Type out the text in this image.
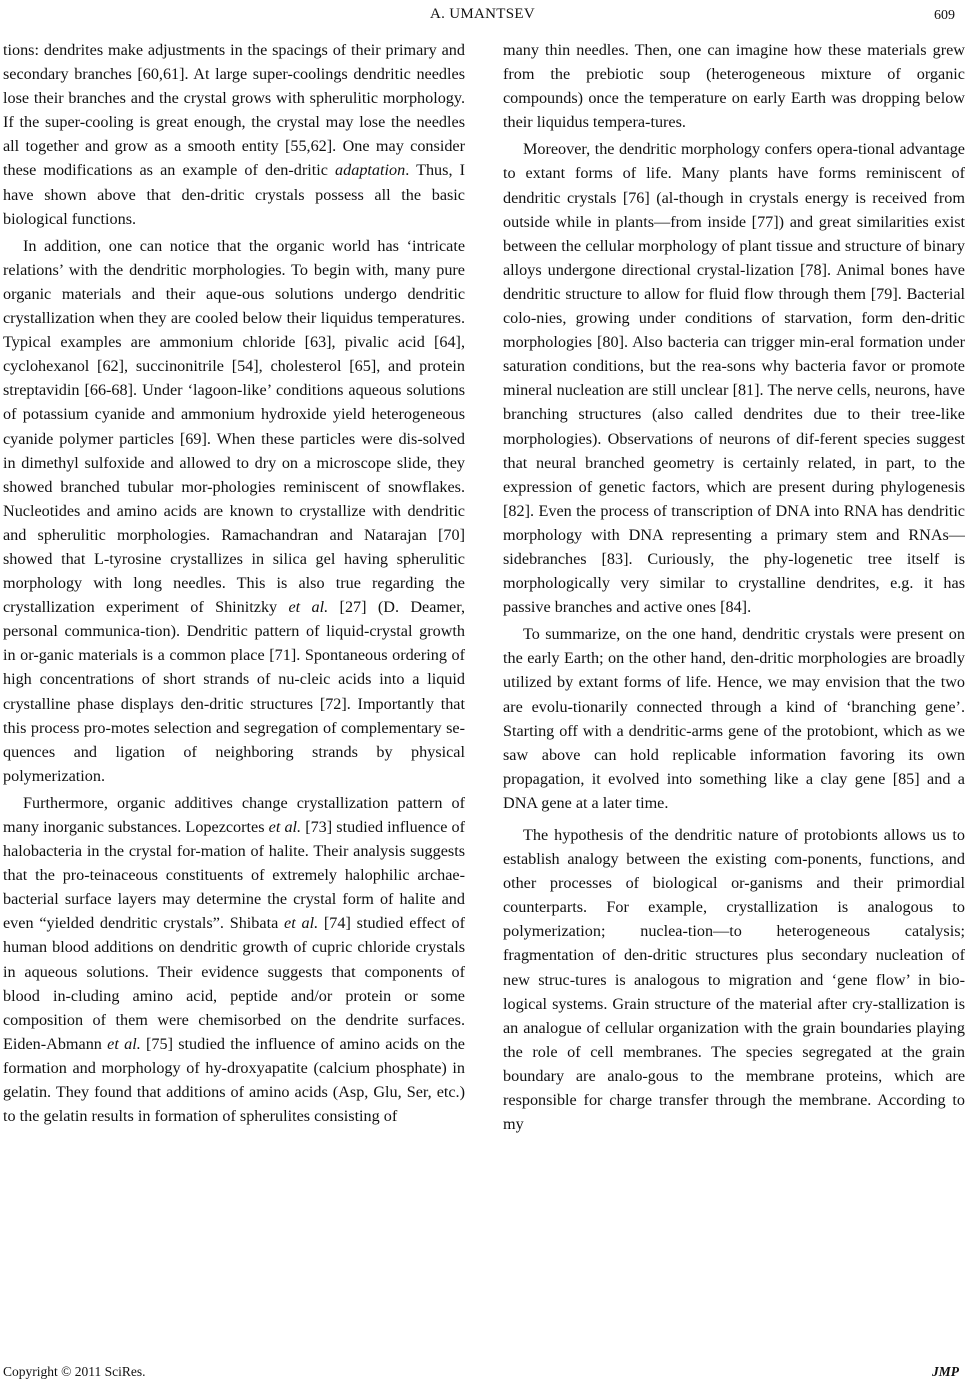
A. UMANTSEV	609

tions: dendrites make adjustments in the spacings of their primary and secondary branches [60,61]. At large super-coolings dendritic needles lose their branches and the crystal grows with spherulitic morphology. If the super-cooling is great enough, the crystal may lose the needles all together and grow as a smooth entity [55,62]. One may consider these modifications as an example of den-dritic adaptation. Thus, I have shown above that den-dritic crystals possess all the basic biological functions.

In addition, one can notice that the organic world has ‘intricate relations’ with the dendritic morphologies. To begin with, many pure organic materials and their aque-ous solutions undergo dendritic crystallization when they are cooled below their liquidus temperatures. Typical examples are ammonium chloride [63], pivalic acid [64], cyclohexanol [62], succinonitrile [54], cholesterol [65], and protein streptavidin [66-68]. Under ‘lagoon-like’ conditions aqueous solutions of potassium cyanide and ammonium hydroxide yield heterogeneous cyanide polymer particles [69]. When these particles were dis-solved in dimethyl sulfoxide and allowed to dry on a microscope slide, they showed branched tubular mor-phologies reminiscent of snowflakes. Nucleotides and amino acids are known to crystallize with dendritic and spherulitic morphologies. Ramachandran and Natarajan [70] showed that L-tyrosine crystallizes in silica gel having spherulitic morphology with long needles. This is also true regarding the crystallization experiment of Shinitzky et al. [27] (D. Deamer, personal communica-tion). Dendritic pattern of liquid-crystal growth in or-ganic materials is a common place [71]. Spontaneous ordering of high concentrations of short strands of nu-cleic acids into a liquid crystalline phase displays den-dritic structures [72]. Importantly that this process pro-motes selection and segregation of complementary se-quences and ligation of neighboring strands by physical polymerization.

Furthermore, organic additives change crystallization pattern of many inorganic substances. Lopezcortes et al. [73] studied influence of halobacteria in the crystal for-mation of halite. Their analysis suggests that the pro-teinaceous constituents of extremely halophilic archae-bacterial surface layers may determine the crystal form of halite and even “yielded dendritic crystals”. Shibata et al. [74] studied effect of human blood additions on dendritic growth of cupric chloride crystals in aqueous solutions. Their evidence suggests that components of blood in-cluding amino acid, peptide and/or protein or some composition of them were chemisorbed on the dendrite surfaces. Eiden-Abmann et al. [75] studied the influence of amino acids on the formation and morphology of hy-droxyapatite (calcium phosphate) in gelatin. They found that additions of amino acids (Asp, Glu, Ser, etc.) to the gelatin results in formation of spherulites consisting of

many thin needles. Then, one can imagine how these materials grew from the prebiotic soup (heterogeneous mixture of organic compounds) once the temperature on early Earth was dropping below their liquidus tempera-tures.

Moreover, the dendritic morphology confers opera-tional advantage to extant forms of life. Many plants have forms reminiscent of dendritic crystals [76] (al-though in crystals energy is received from outside while in plants—from inside [77]) and great similarities exist between the cellular morphology of plant tissue and structure of binary alloys undergone directional crystal-lization [78]. Animal bones have dendritic structure to allow for fluid flow through them [79]. Bacterial colo-nies, growing under conditions of starvation, form den-dritic morphologies [80]. Also bacteria can trigger min-eral formation under saturation conditions, but the rea-sons why bacteria favor or promote mineral nucleation are still unclear [81]. The nerve cells, neurons, have branching structures (also called dendrites due to their tree-like morphologies). Observations of neurons of dif-ferent species suggest that neural branched geometry is certainly related, in part, to the expression of genetic factors, which are present during phylogenesis [82]. Even the process of transcription of DNA into RNA has dendritic morphology with DNA representing a primary stem and RNAs—sidebranches [83]. Curiously, the phy-logenetic tree itself is morphologically very similar to crystalline dendrites, e.g. it has passive branches and active ones [84].

To summarize, on the one hand, dendritic crystals were present on the early Earth; on the other hand, den-dritic morphologies are broadly utilized by extant forms of life. Hence, we may envision that the two are evolu-tionarily connected through a kind of ‘branching gene’. Starting off with a dendritic-arms gene of the protobiont, which as we saw above can hold replicable information favoring its own propagation, it evolved into something like a clay gene [85] and a DNA gene at a later time.

The hypothesis of the dendritic nature of protobionts allows us to establish analogy between the existing com-ponents, functions, and other processes of biological or-ganisms and their primordial counterparts. For example, crystallization is analogous to polymerization; nuclea-tion—to heterogeneous catalysis; fragmentation of den-dritic structures plus secondary nucleation of new struc-tures is analogous to migration and ‘gene flow’ in bio-logical systems. Grain structure of the material after cry-stallization is an analogue of cellular organization with the grain boundaries playing the role of cell membranes. The species segregated at the grain boundary are analo-gous to the membrane proteins, which are responsible for charge transfer through the membrane. According to my

Copyright © 2011 SciRes.	JMP
